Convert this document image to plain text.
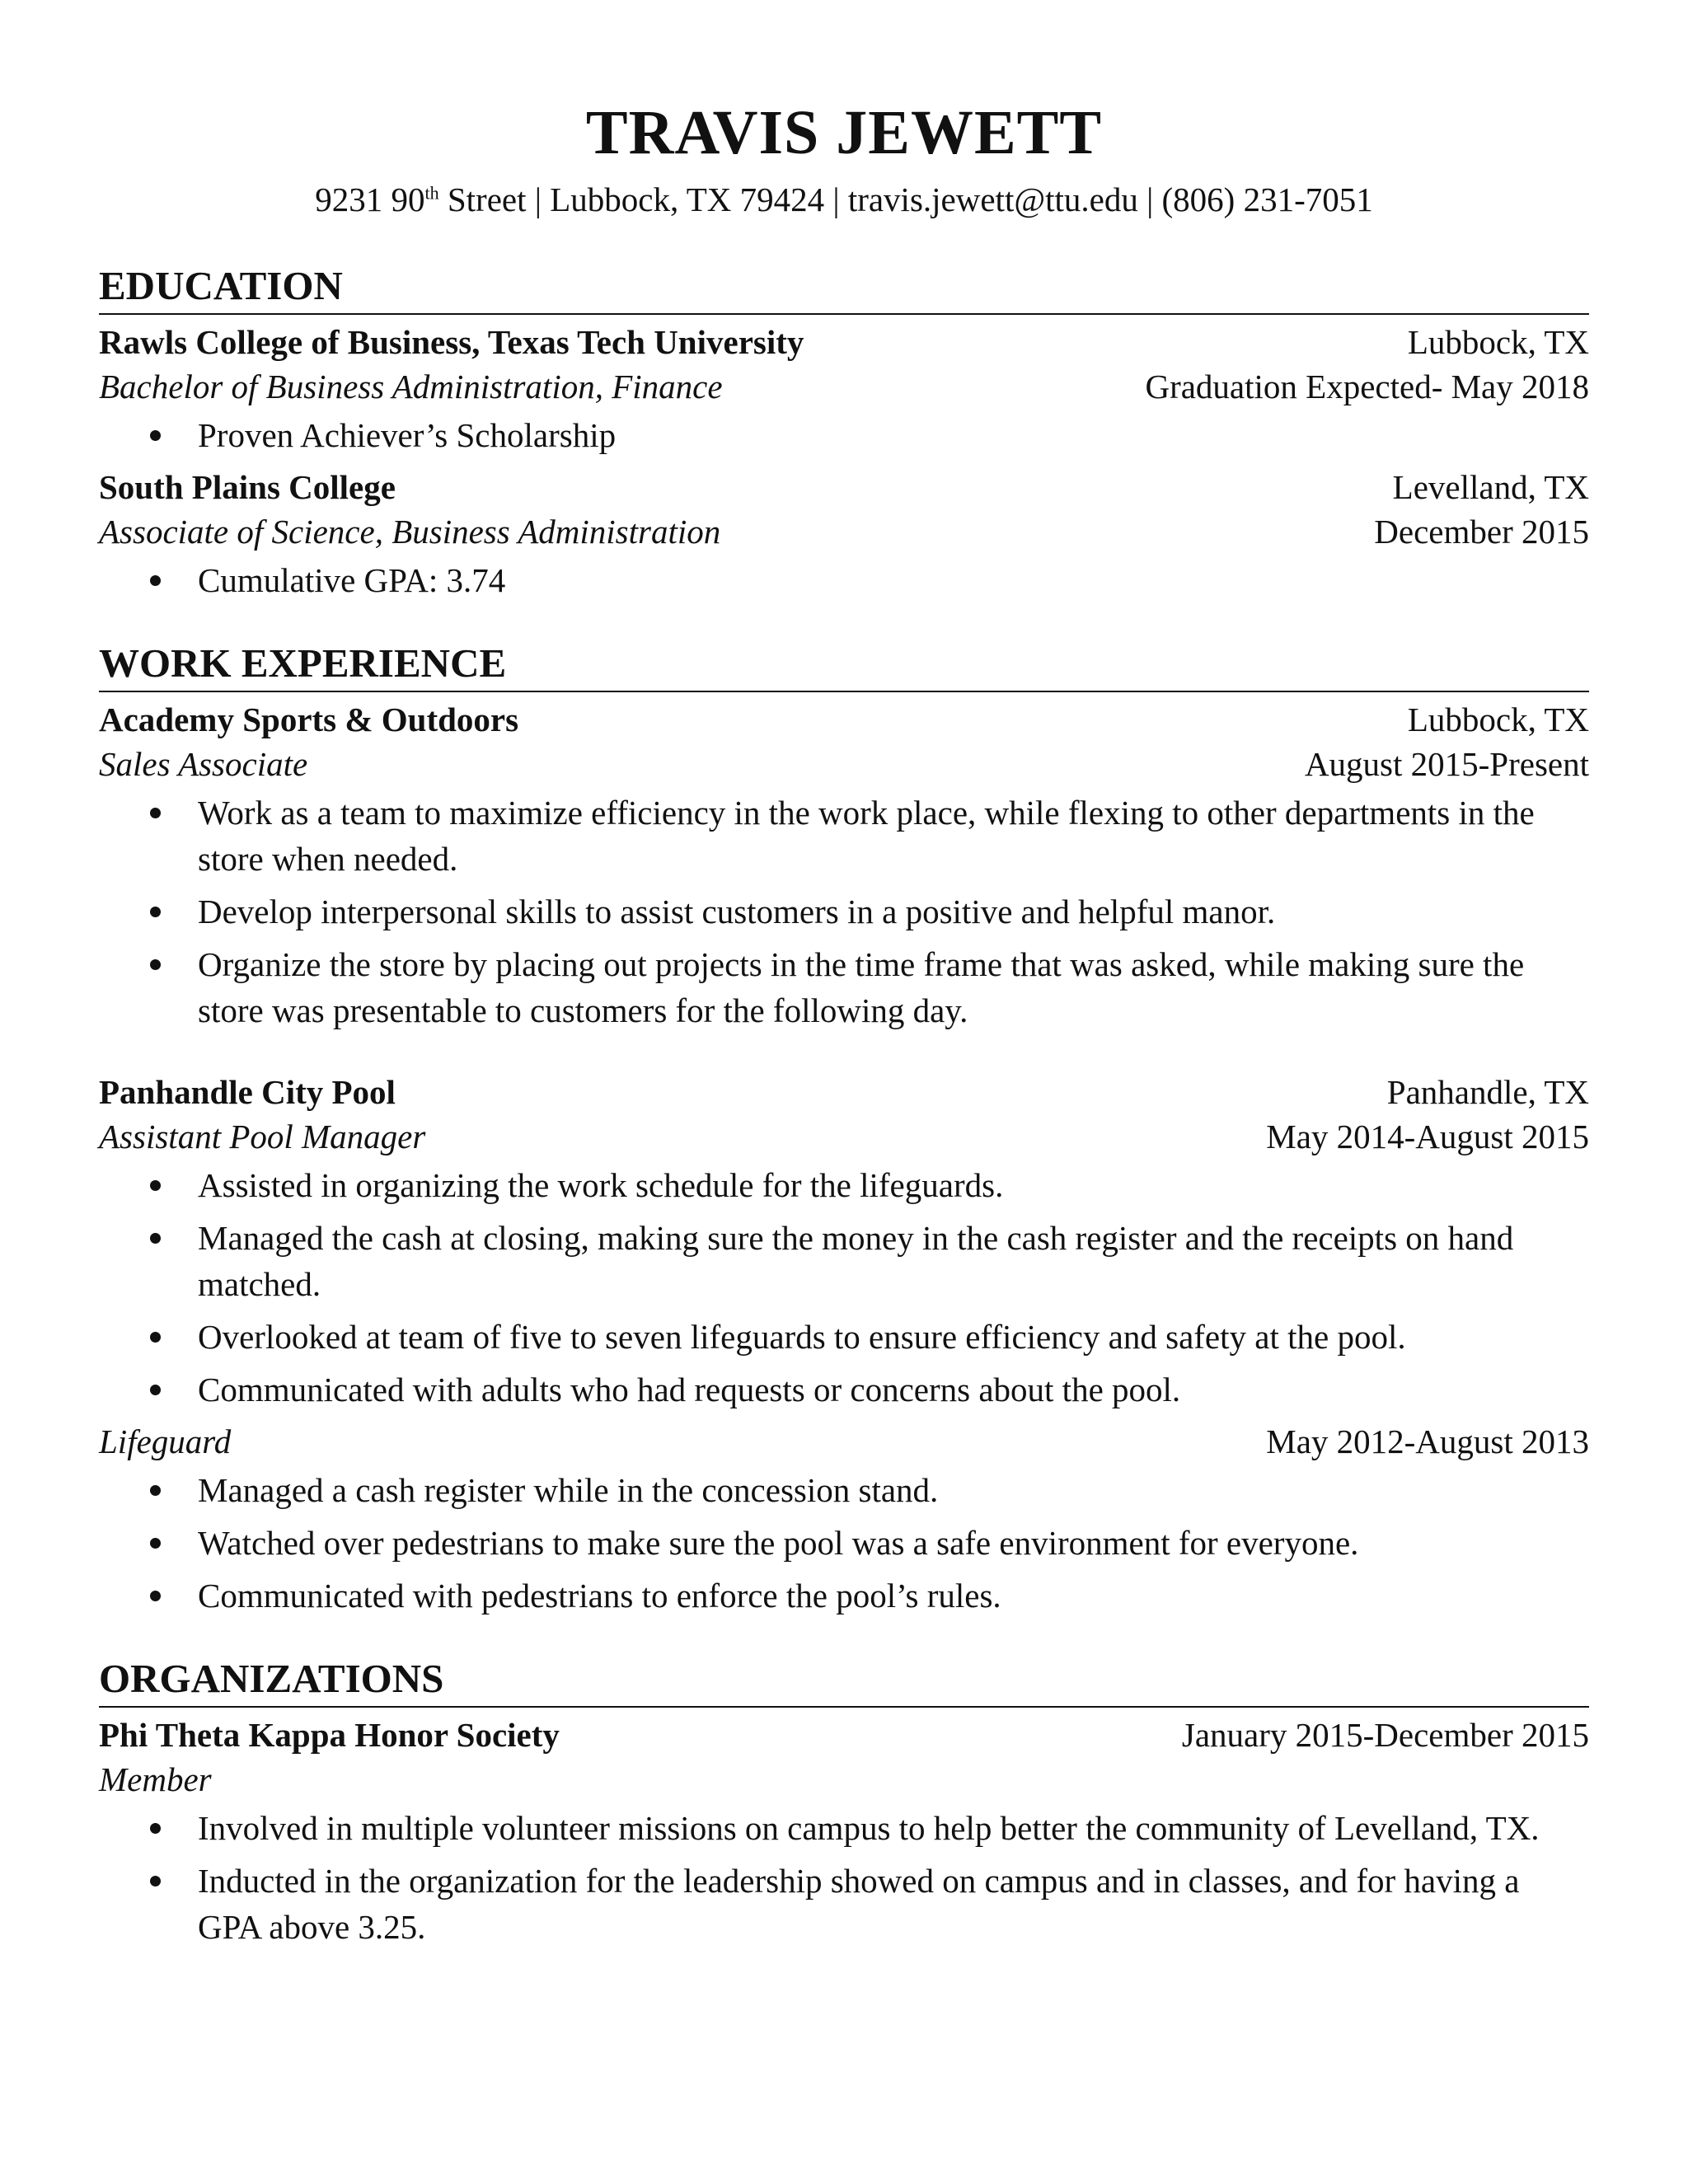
TRAVIS JEWETT
9231 90th Street | Lubbock, TX 79424 | travis.jewett@ttu.edu | (806) 231-7051
EDUCATION
Rawls College of Business, Texas Tech University	Lubbock, TX
Bachelor of Business Administration, Finance	Graduation Expected- May 2018
Proven Achiever’s Scholarship
South Plains College	Levelland, TX
Associate of Science, Business Administration	December 2015
Cumulative GPA: 3.74
WORK EXPERIENCE
Academy Sports & Outdoors	Lubbock, TX
Sales Associate	August 2015-Present
Work as a team to maximize efficiency in the work place, while flexing to other departments in the store when needed.
Develop interpersonal skills to assist customers in a positive and helpful manor.
Organize the store by placing out projects in the time frame that was asked, while making sure the store was presentable to customers for the following day.
Panhandle City Pool	Panhandle, TX
Assistant Pool Manager	May 2014-August 2015
Assisted in organizing the work schedule for the lifeguards.
Managed the cash at closing, making sure the money in the cash register and the receipts on hand matched.
Overlooked at team of five to seven lifeguards to ensure efficiency and safety at the pool.
Communicated with adults who had requests or concerns about the pool.
Lifeguard	May 2012-August 2013
Managed a cash register while in the concession stand.
Watched over pedestrians to make sure the pool was a safe environment for everyone.
Communicated with pedestrians to enforce the pool’s rules.
ORGANIZATIONS
Phi Theta Kappa Honor Society	January 2015-December 2015
Member
Involved in multiple volunteer missions on campus to help better the community of Levelland, TX.
Inducted in the organization for the leadership showed on campus and in classes, and for having a GPA above 3.25.
